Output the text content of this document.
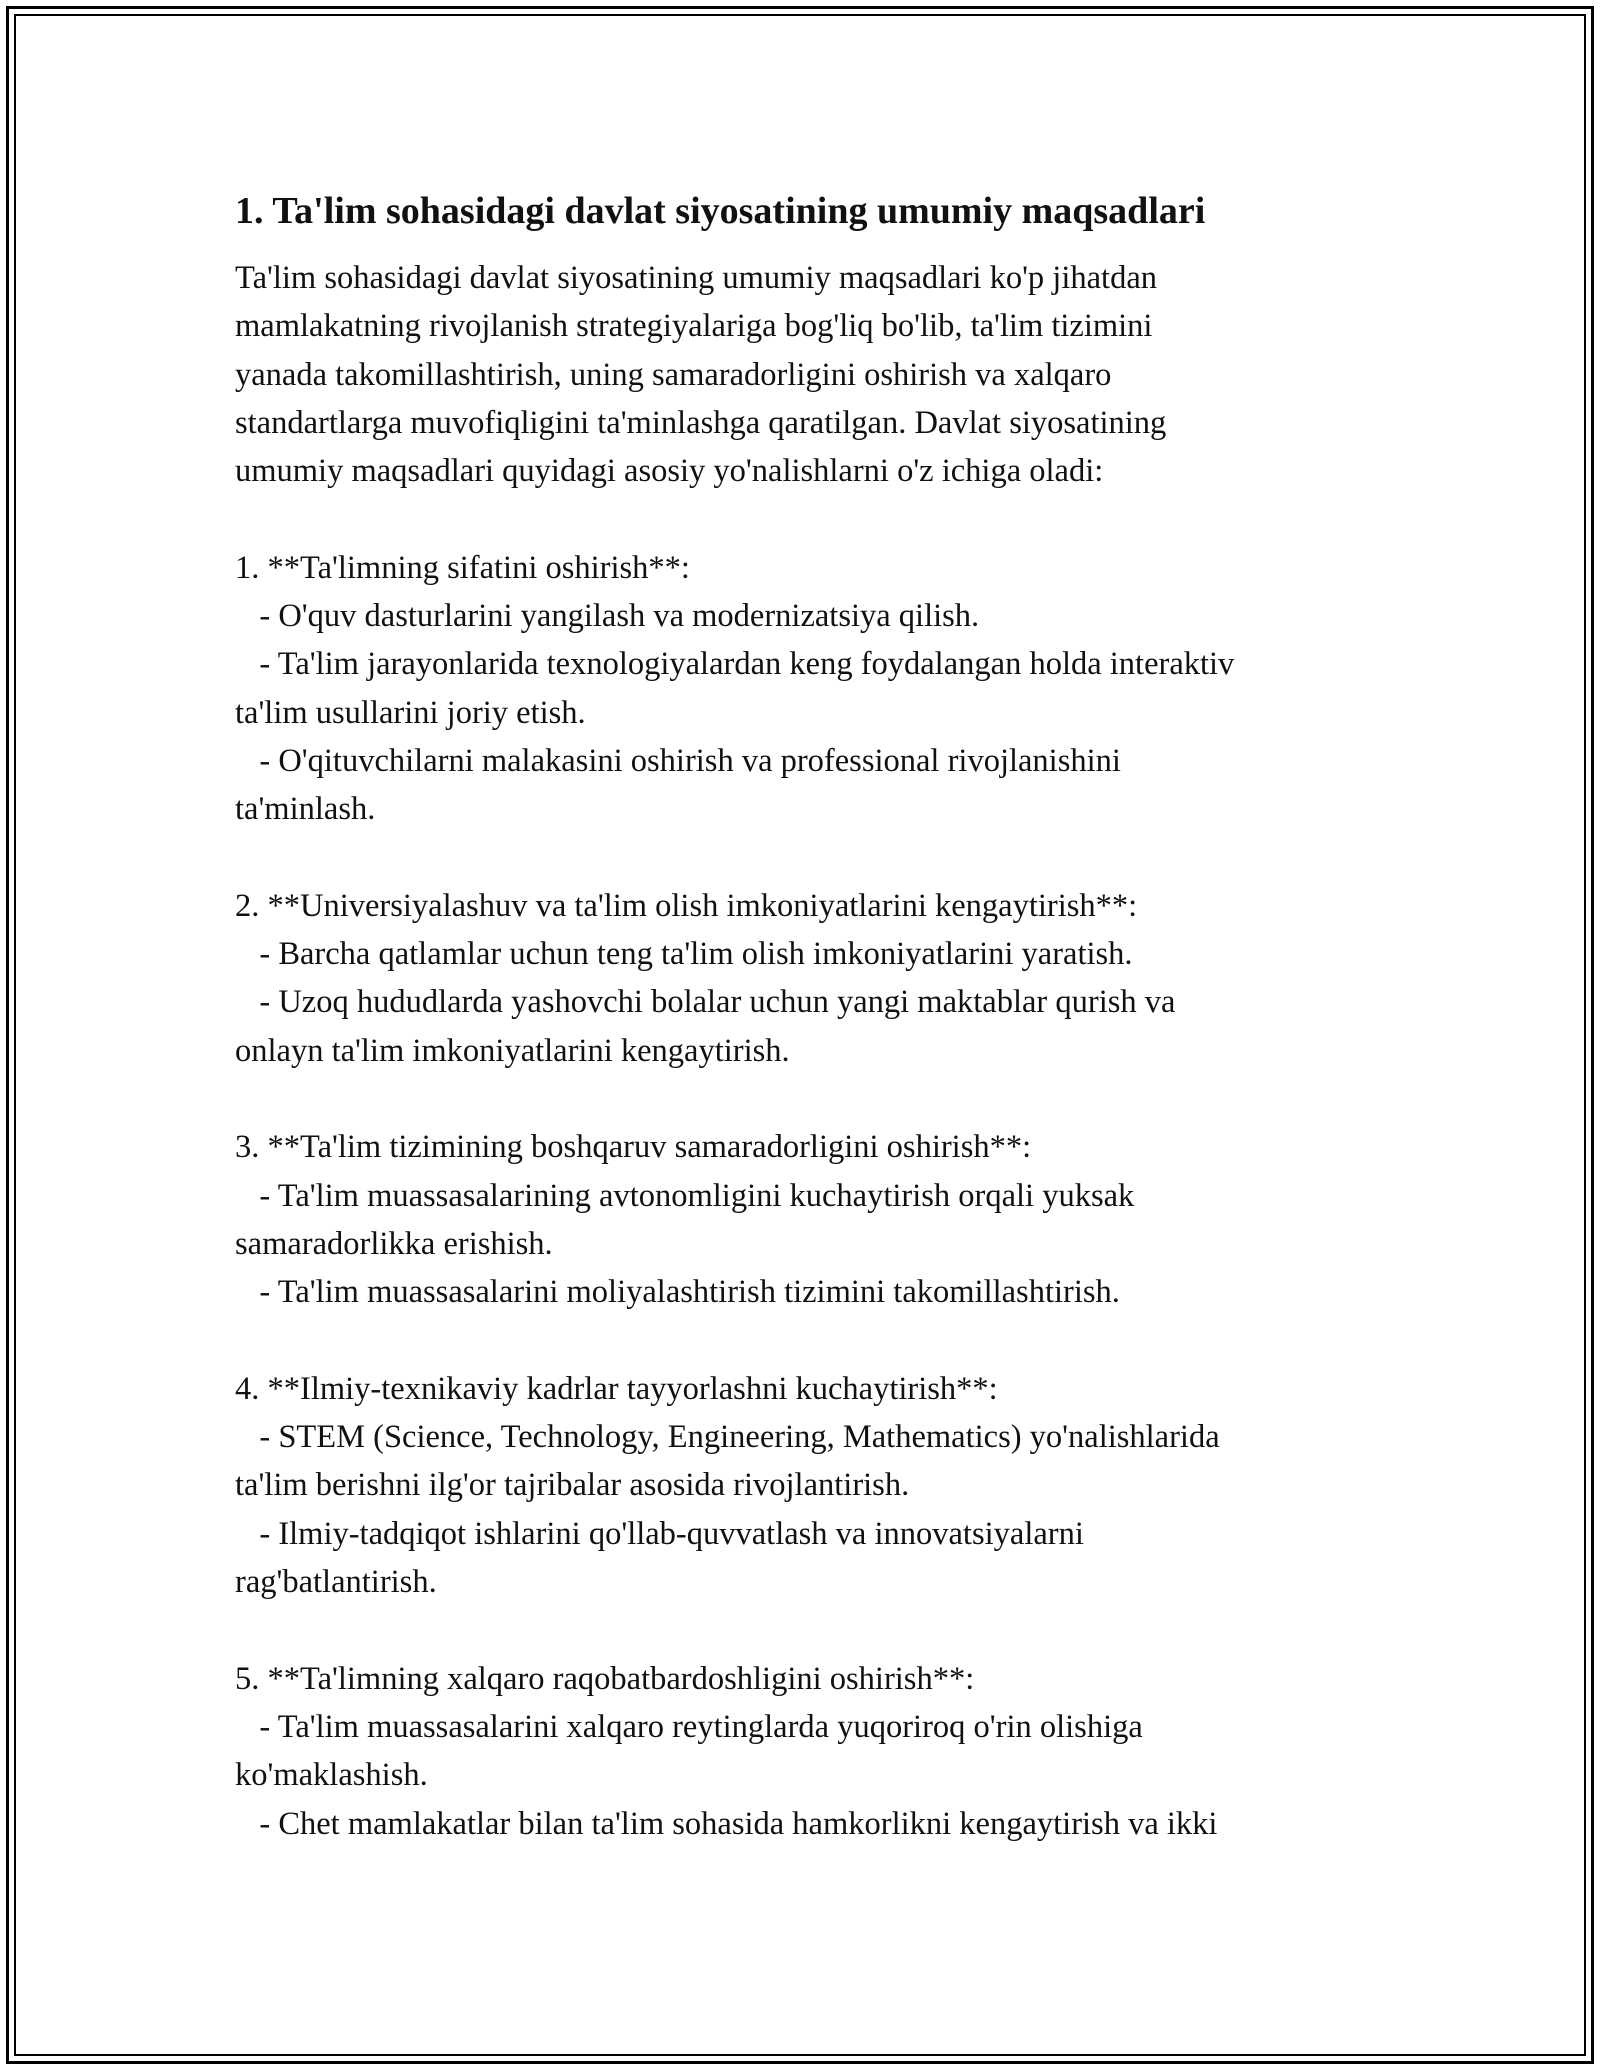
1. Ta'lim sohasidagi davlat siyosatining umumiy maqsadlari

Ta'lim sohasidagi davlat siyosatining umumiy maqsadlari ko'p jihatdan
mamlakatning rivojlanish strategiyalariga bog'liq bo'lib, ta'lim tizimini
yanada takomillashtirish, uning samaradorligini oshirish va xalqaro
standartlarga muvofiqligini ta'minlashga qaratilgan. Davlat siyosatining
umumiy maqsadlari quyidagi asosiy yo'nalishlarni o'z ichiga oladi:

1. **Ta'limning sifatini oshirish**:
- O'quv dasturlarini yangilash va modernizatsiya qilish.
- Ta'lim jarayonlarida texnologiyalardan keng foydalangan holda interaktiv
ta'lim usullarini joriy etish.
- O'qituvchilarni malakasini oshirish va professional rivojlanishini
ta'minlash.

2. **Universiyalashuv va ta'lim olish imkoniyatlarini kengaytirish**:
- Barcha qatlamlar uchun teng ta'lim olish imkoniyatlarini yaratish.
- Uzoq hududlarda yashovchi bolalar uchun yangi maktablar qurish va
onlayn ta'lim imkoniyatlarini kengaytirish.

3. **Ta'lim tizimining boshqaruv samaradorligini oshirish**:
- Ta'lim muassasalarining avtonomligini kuchaytirish orqali yuksak
samaradorlikka erishish.
- Ta'lim muassasalarini moliyalashtirish tizimini takomillashtirish.

4. **Ilmiy-texnikaviy kadrlar tayyorlashni kuchaytirish**:
- STEM (Science, Technology, Engineering, Mathematics) yo'nalishlarida
ta'lim berishni ilg'or tajribalar asosida rivojlantirish.
- Ilmiy-tadqiqot ishlarini qo'llab-quvvatlash va innovatsiyalarni
rag'batlantirish.

5. **Ta'limning xalqaro raqobatbardoshligini oshirish**:
- Ta'lim muassasalarini xalqaro reytinglarda yuqoriroq o'rin olishiga
ko'maklashish.
- Chet mamlakatlar bilan ta'lim sohasida hamkorlikni kengaytirish va ikki
